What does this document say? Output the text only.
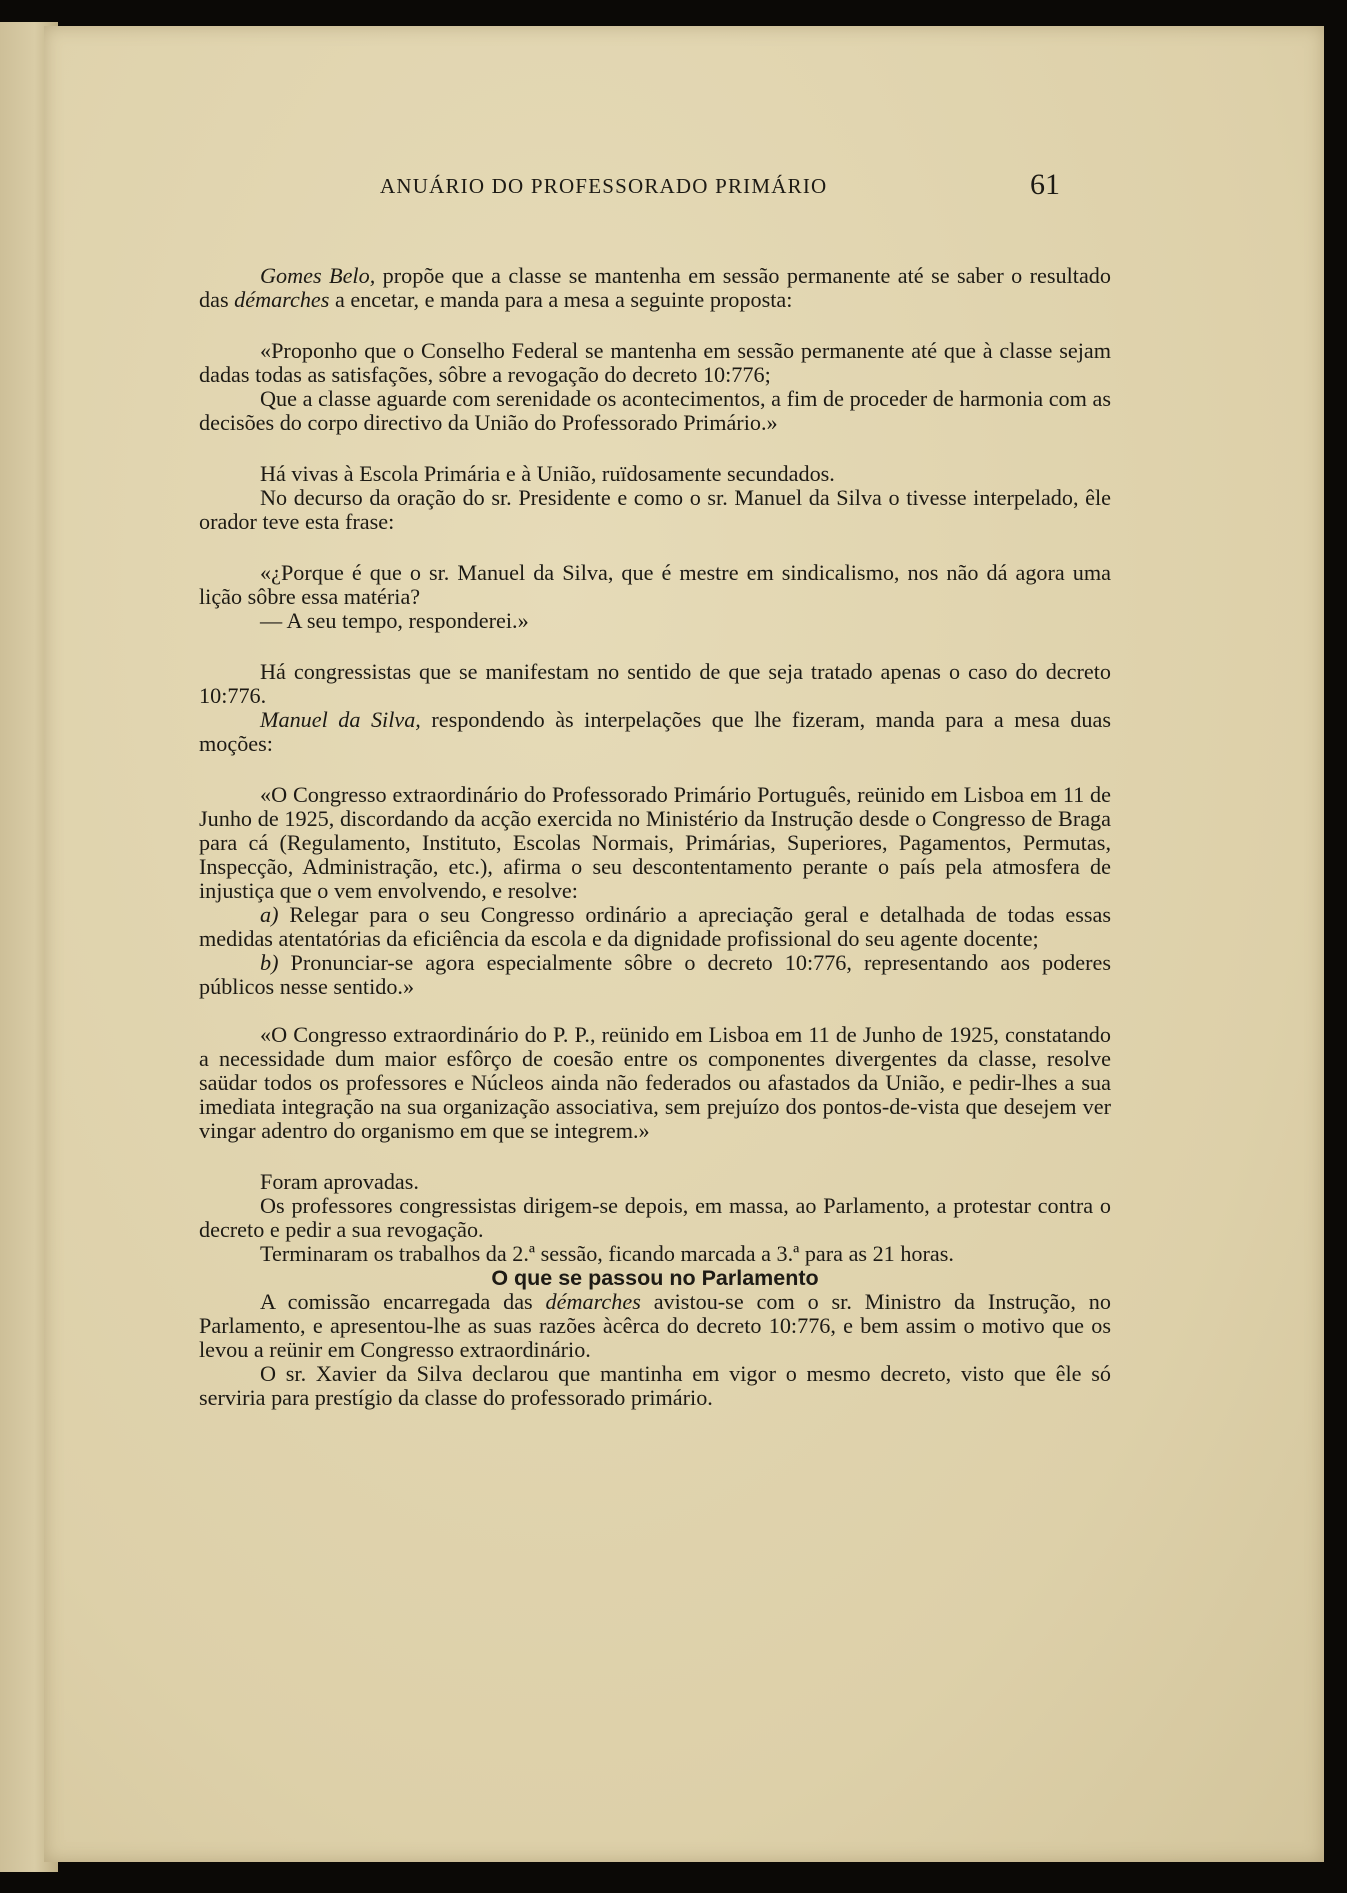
ANUÁRIO DO PROFESSORADO PRIMÁRIO	61

Gomes Belo, propõe que a classe se mantenha em sessão permanente até se saber o resultado das démarches a encetar, e manda para a mesa a seguinte proposta:

«Proponho que o Conselho Federal se mantenha em sessão permanente até que à classe sejam dadas todas as satisfações, sôbre a revogação do decreto 10:776;

Que a classe aguarde com serenidade os acontecimentos, a fim de proceder de harmonia com as decisões do corpo directivo da União do Professorado Primário.»

Há vivas à Escola Primária e à União, ruïdosamente secundados.

No decurso da oração do sr. Presidente e como o sr. Manuel da Silva o tivesse interpelado, êle orador teve esta frase:

«¿Porque é que o sr. Manuel da Silva, que é mestre em sindicalismo, nos não dá agora uma lição sôbre essa matéria?

— A seu tempo, responderei.»

Há congressistas que se manifestam no sentido de que seja tratado apenas o caso do decreto 10:776.

Manuel da Silva, respondendo às interpelações que lhe fizeram, manda para a mesa duas moções:

«O Congresso extraordinário do Professorado Primário Português, reünido em Lisboa em 11 de Junho de 1925, discordando da acção exercida no Ministério da Instrução desde o Congresso de Braga para cá (Regulamento, Instituto, Escolas Normais, Primárias, Superiores, Pagamentos, Permutas, Inspecção, Administração, etc.), afirma o seu descontentamento perante o país pela atmosfera de injustiça que o vem envolvendo, e resolve:

a) Relegar para o seu Congresso ordinário a apreciação geral e detalhada de todas essas medidas atentatórias da eficiência da escola e da dignidade profissional do seu agente docente;

b) Pronunciar-se agora especialmente sôbre o decreto 10:776, representando aos poderes públicos nesse sentido.»

«O Congresso extraordinário do P. P., reünido em Lisboa em 11 de Junho de 1925, constatando a necessidade dum maior esfôrço de coesão entre os componentes divergentes da classe, resolve saüdar todos os professores e Núcleos ainda não federados ou afastados da União, e pedir-lhes a sua imediata integração na sua organização associativa, sem prejuízo dos pontos-de-vista que desejem ver vingar adentro do organismo em que se integrem.»

Foram aprovadas.

Os professores congressistas dirigem-se depois, em massa, ao Parlamento, a protestar contra o decreto e pedir a sua revogação.

Terminaram os trabalhos da 2.ª sessão, ficando marcada a 3.ª para as 21 horas.

O que se passou no Parlamento

A comissão encarregada das démarches avistou-se com o sr. Ministro da Instrução, no Parlamento, e apresentou-lhe as suas razões àcêrca do decreto 10:776, e bem assim o motivo que os levou a reünir em Congresso extraordinário.

O sr. Xavier da Silva declarou que mantinha em vigor o mesmo decreto, visto que êle só serviria para prestígio da classe do professorado primário.
